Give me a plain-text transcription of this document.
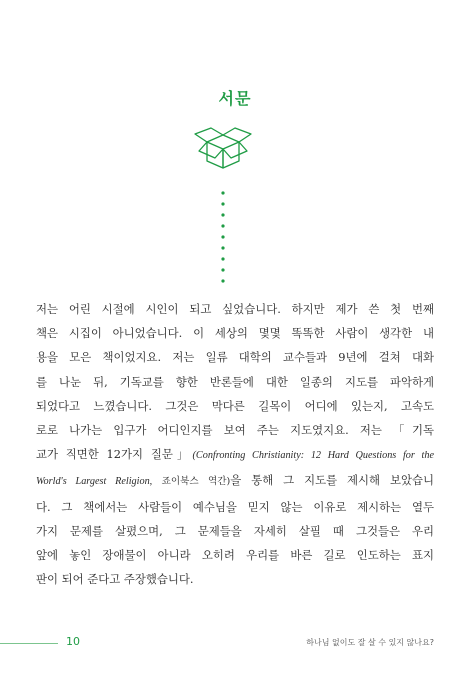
서문
저는 어린 시절에 시인이 되고 싶었습니다. 하지만 제가 쓴 첫 번째
책은 시집이 아니었습니다. 이 세상의 몇몇 똑똑한 사람이 생각한 내
용을 모은 책이었지요. 저는 일류 대학의 교수들과 9년에 걸쳐 대화
를 나눈 뒤, 기독교를 향한 반론들에 대한 일종의 지도를 파악하게
되었다고 느꼈습니다. 그것은 막다른 길목이 어디에 있는지, 고속도
로로 나가는 입구가 어디인지를 보여 주는 지도였지요. 저는 「기독
교가 직면한 12가지 질문」(Confronting Christianity: 12 Hard Questions for the
World's Largest Religion, 죠이북스 역간)을 통해 그 지도를 제시해 보았습니
다. 그 책에서는 사람들이 예수님을 믿지 않는 이유로 제시하는 열두
가지 문제를 살폈으며, 그 문제들을 자세히 살필 때 그것들은 우리
앞에 놓인 장애물이 아니라 오히려 우리를 바른 길로 인도하는 표지
판이 되어 준다고 주장했습니다.
10	하나님 없이도 잘 살 수 있지 않나요?
